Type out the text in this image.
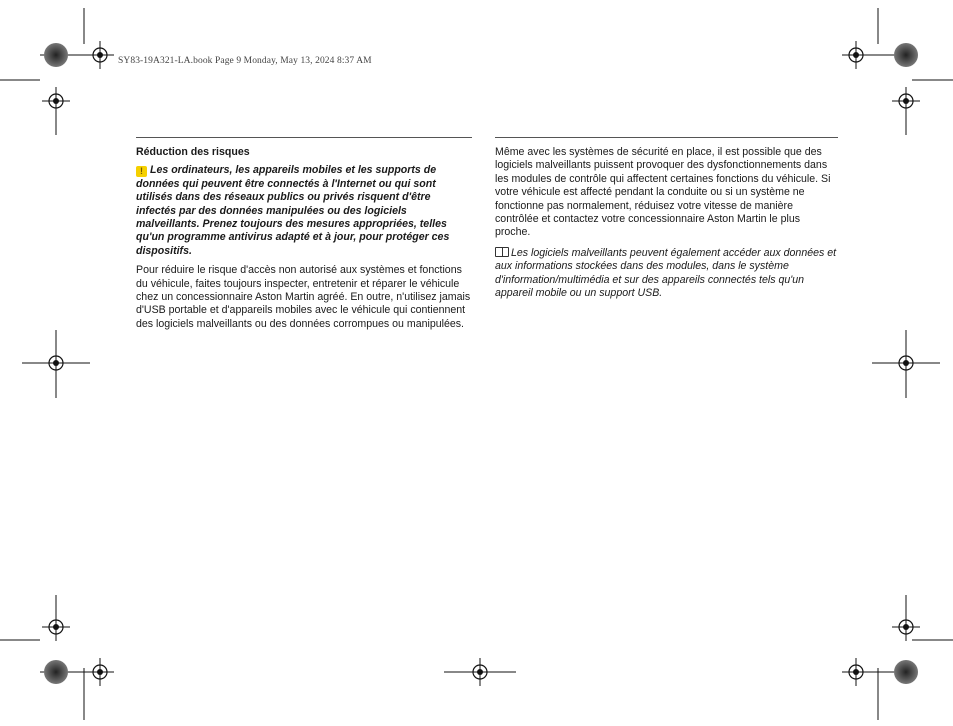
SY83-19A321-LA.book Page 9 Monday, May 13, 2024 8:37 AM

Réduction des risques

! Les ordinateurs, les appareils mobiles et les supports de données qui peuvent être connectés à l'Internet ou qui sont utilisés dans des réseaux publics ou privés risquent d'être infectés par des données manipulées ou des logiciels malveillants. Prenez toujours des mesures appropriées, telles qu'un programme antivirus adapté et à jour, pour protéger ces dispositifs.

Pour réduire le risque d'accès non autorisé aux systèmes et fonctions du véhicule, faites toujours inspecter, entretenir et réparer le véhicule chez un concessionnaire Aston Martin agréé. En outre, n'utilisez jamais d'USB portable et d'appareils mobiles avec le véhicule qui contiennent des logiciels malveillants ou des données corrompues ou manipulées.

Même avec les systèmes de sécurité en place, il est possible que des logiciels malveillants puissent provoquer des dysfonctionnements dans les modules de contrôle qui affectent certaines fonctions du véhicule. Si votre véhicule est affecté pendant la conduite ou si un système ne fonctionne pas normalement, réduisez votre vitesse de manière contrôlée et contactez votre concessionnaire Aston Martin le plus proche.

Les logiciels malveillants peuvent également accéder aux données et aux informations stockées dans des modules, dans le système d'information/multimédia et sur des appareils connectés tels qu'un appareil mobile ou un support USB.
